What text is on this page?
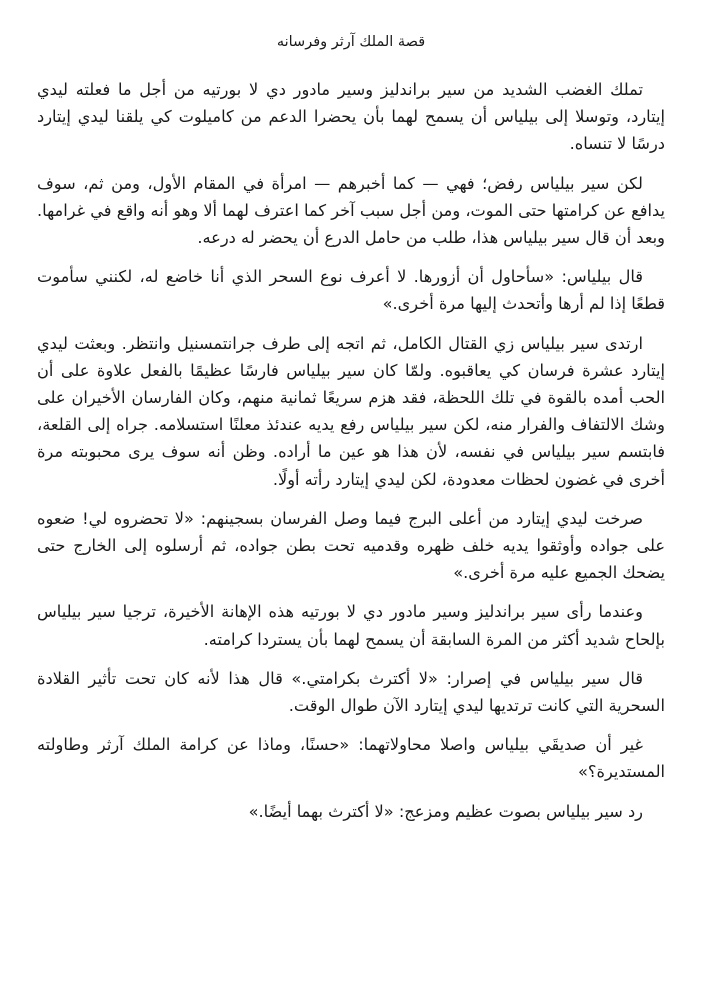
قصة الملك آرثر وفرسانه

تملك الغضب الشديد من سير براندليز وسير مادور دي لا بورتيه من أجل ما فعلته ليدي إيتارد، وتوسلا إلى بيلياس أن يسمح لهما بأن يحضرا الدعم من كاميلوت كي يلقنا ليدي إيتارد درسًا لا تنساه.

لكن سير بيلياس رفض؛ فهي — كما أخبرهم — امرأة في المقام الأول، ومن ثم، سوف يدافع عن كرامتها حتى الموت، ومن أجل سبب آخر كما اعترف لهما ألا وهو أنه واقع في غرامها. وبعد أن قال سير بيلياس هذا، طلب من حامل الدرع أن يحضر له درعه.

قال بيلياس: «سأحاول أن أزورها. لا أعرف نوع السحر الذي أنا خاضع له، لكنني سأموت قطعًا إذا لم أرها وأتحدث إليها مرة أخرى.»

ارتدى سير بيلياس زي القتال الكامل، ثم اتجه إلى طرف جرانتمسنيل وانتظر. وبعثت ليدي إيتارد عشرة فرسان كي يعاقبوه. ولمّا كان سير بيلياس فارسًا عظيمًا بالفعل علاوة على أن الحب أمده بالقوة في تلك اللحظة، فقد هزم سريعًا ثمانية منهم، وكان الفارسان الأخيران على وشك الالتفاف والفرار منه، لكن سير بيلياس رفع يديه عندئذ معلنًا استسلامه. جراه إلى القلعة، فابتسم سير بيلياس في نفسه، لأن هذا هو عين ما أراده. وظن أنه سوف يرى محبوبته مرة أخرى في غضون لحظات معدودة، لكن ليدي إيتارد رأته أولًا.

صرخت ليدي إيتارد من أعلى البرج فيما وصل الفرسان بسجينهم: «لا تحضروه لي! ضعوه على جواده وأوثقوا يديه خلف ظهره وقدميه تحت بطن جواده، ثم أرسلوه إلى الخارج حتى يضحك الجميع عليه مرة أخرى.»

وعندما رأى سير براندليز وسير مادور دي لا بورتيه هذه الإهانة الأخيرة، ترجيا سير بيلياس بإلحاح شديد أكثر من المرة السابقة أن يسمح لهما بأن يستردا كرامته.

قال سير بيلياس في إصرار: «لا أكترث بكرامتي.» قال هذا لأنه كان تحت تأثير القلادة السحرية التي كانت ترتديها ليدي إيتارد الآن طوال الوقت.

غير أن صديقَي بيلياس واصلا محاولاتهما: «حسنًا، وماذا عن كرامة الملك آرثر وطاولته المستديرة؟»

رد سير بيلياس بصوت عظيم ومزعج: «لا أكترث بهما أيضًا.»
